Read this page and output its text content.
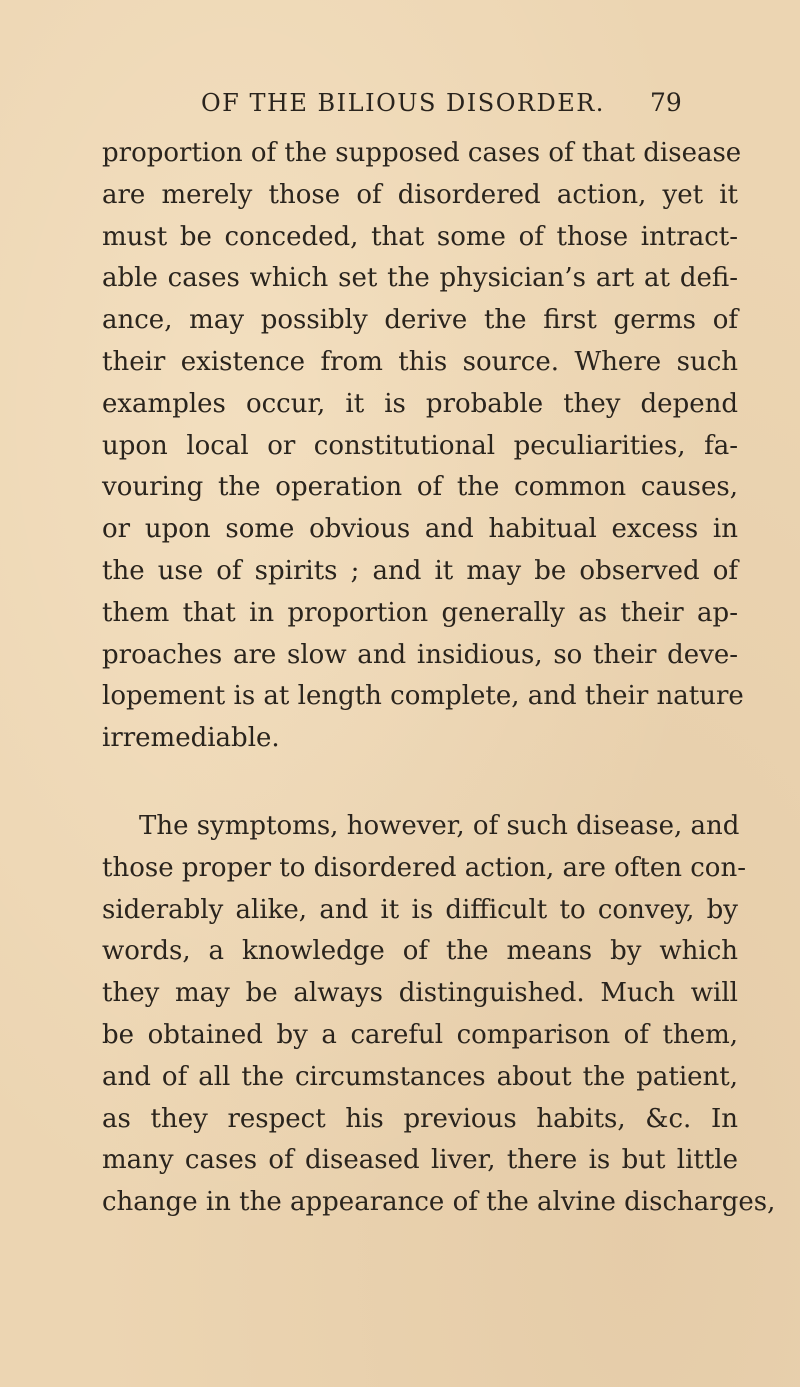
OF THE BILIOUS DISORDER. 79
proportion of the supposed cases of that disease
are merely those of disordered action, yet it
must be conceded, that some of those intract-
able cases which set the physician’s art at defi-
ance, may possibly derive the first germs of
their existence from this source. Where such
examples occur, it is probable they depend
upon local or constitutional peculiarities, fa-
vouring the operation of the common causes,
or upon some obvious and habitual excess in
the use of spirits ; and it may be observed of
them that in proportion generally as their ap-
proaches are slow and insidious, so their deve-
lopement is at length complete, and their nature
irremediable.
The symptoms, however, of such disease, and
those proper to disordered action, are often con-
siderably alike, and it is difficult to convey, by
words, a knowledge of the means by which
they may be always distinguished. Much will
be obtained by a careful comparison of them,
and of all the circumstances about the patient,
as they respect his previous habits, &c. In
many cases of diseased liver, there is but little
change in the appearance of the alvine discharges,
